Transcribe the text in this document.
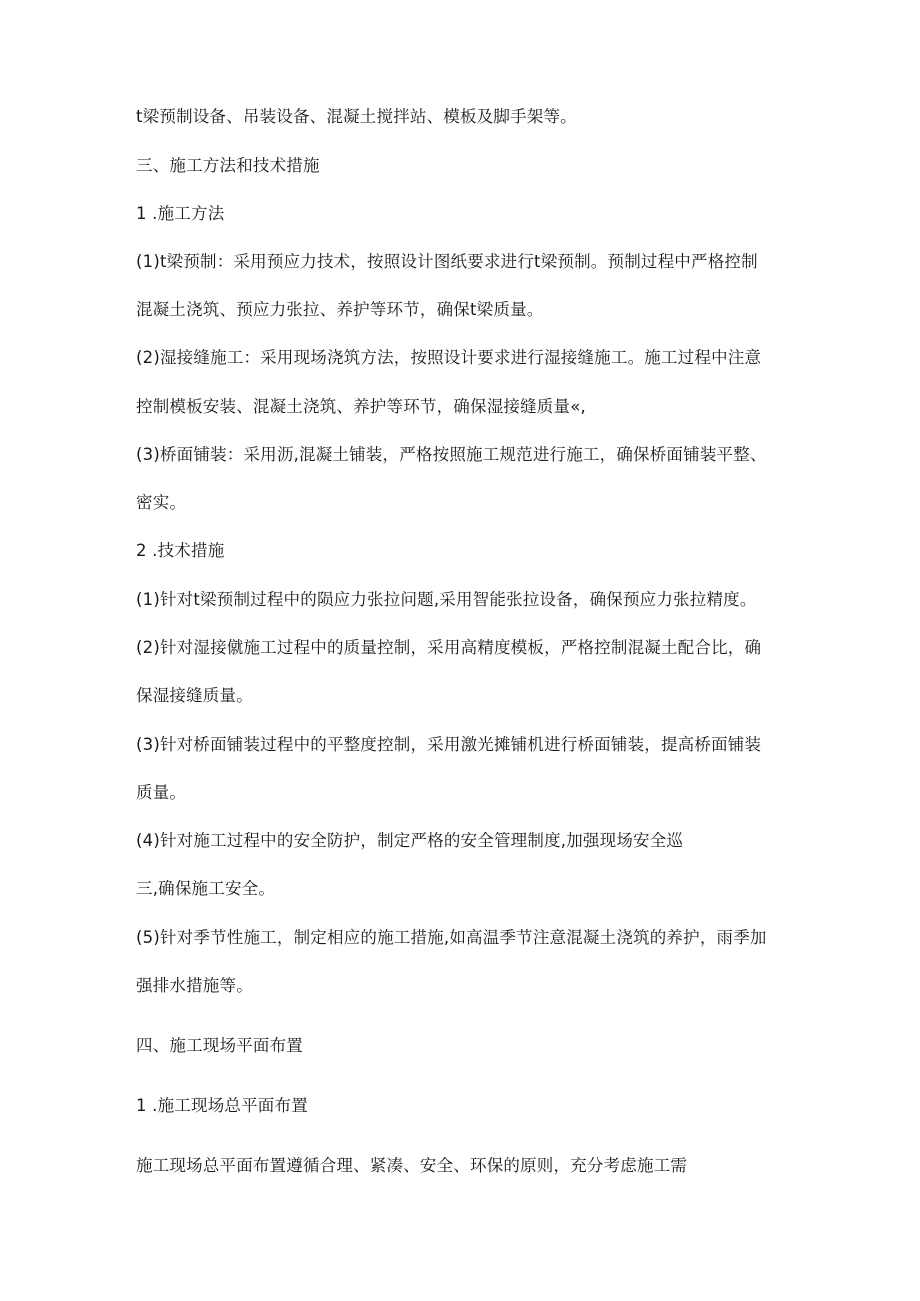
t梁预制设备、吊装设备、混凝土搅拌站、模板及脚手架等。
三、施工方法和技术措施
1 .施工方法
(1)t梁预制：采用预应力技术，按照设计图纸要求进行t梁预制。预制过程中严格控制
混凝土浇筑、预应力张拉、养护等环节，确保t梁质量。
(2)湿接缝施工：采用现场浇筑方法，按照设计要求进行湿接缝施工。施工过程中注意
控制模板安装、混凝土浇筑、养护等环节，确保湿接缝质量«,
(3)桥面铺装：采用沥,混凝土铺装，严格按照施工规范进行施工，确保桥面铺装平整、
密实。
2 .技术措施
(1)针对t梁预制过程中的陨应力张拉问题,采用智能张拉设备，确保预应力张拉精度。
(2)针对湿接僦施工过程中的质量控制，采用高精度模板，严格控制混凝土配合比，确
保湿接缝质量。
(3)针对桥面铺装过程中的平整度控制，采用激光摊铺机进行桥面铺装，提高桥面铺装
质量。
(4)针对施工过程中的安全防护，制定严格的安全管理制度,加强现场安全巡
三,确保施工安全。
(5)针对季节性施工，制定相应的施工措施,如高温季节注意混凝土浇筑的养护，雨季加
强排水措施等。
四、施工现场平面布置
1 .施工现场总平面布置
施工现场总平面布置遵循合理、紧凑、安全、环保的原则，充分考虑施工需
